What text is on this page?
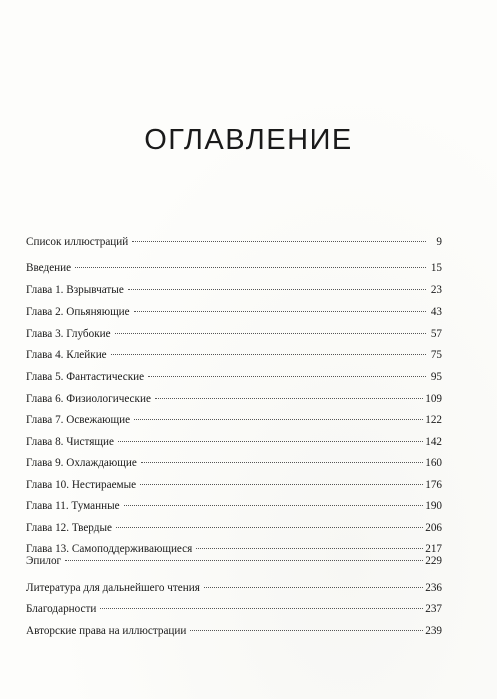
ОГЛАВЛЕНИЕ
Список иллюстраций	9
Введение	15
Глава 1. Взрывчатые	23
Глава 2. Опьяняющие	43
Глава 3. Глубокие	57
Глава 4. Клейкие	75
Глава 5. Фантастические	95
Глава 6. Физиологические	109
Глава 7. Освежающие	122
Глава 8. Чистящие	142
Глава 9. Охлаждающие	160
Глава 10. Нестираемые	176
Глава 11. Туманные	190
Глава 12. Твердые	206
Глава 13. Самоподдерживающиеся	217
Эпилог	229
Литература для дальнейшего чтения	236
Благодарности	237
Авторские права на иллюстрации	239
